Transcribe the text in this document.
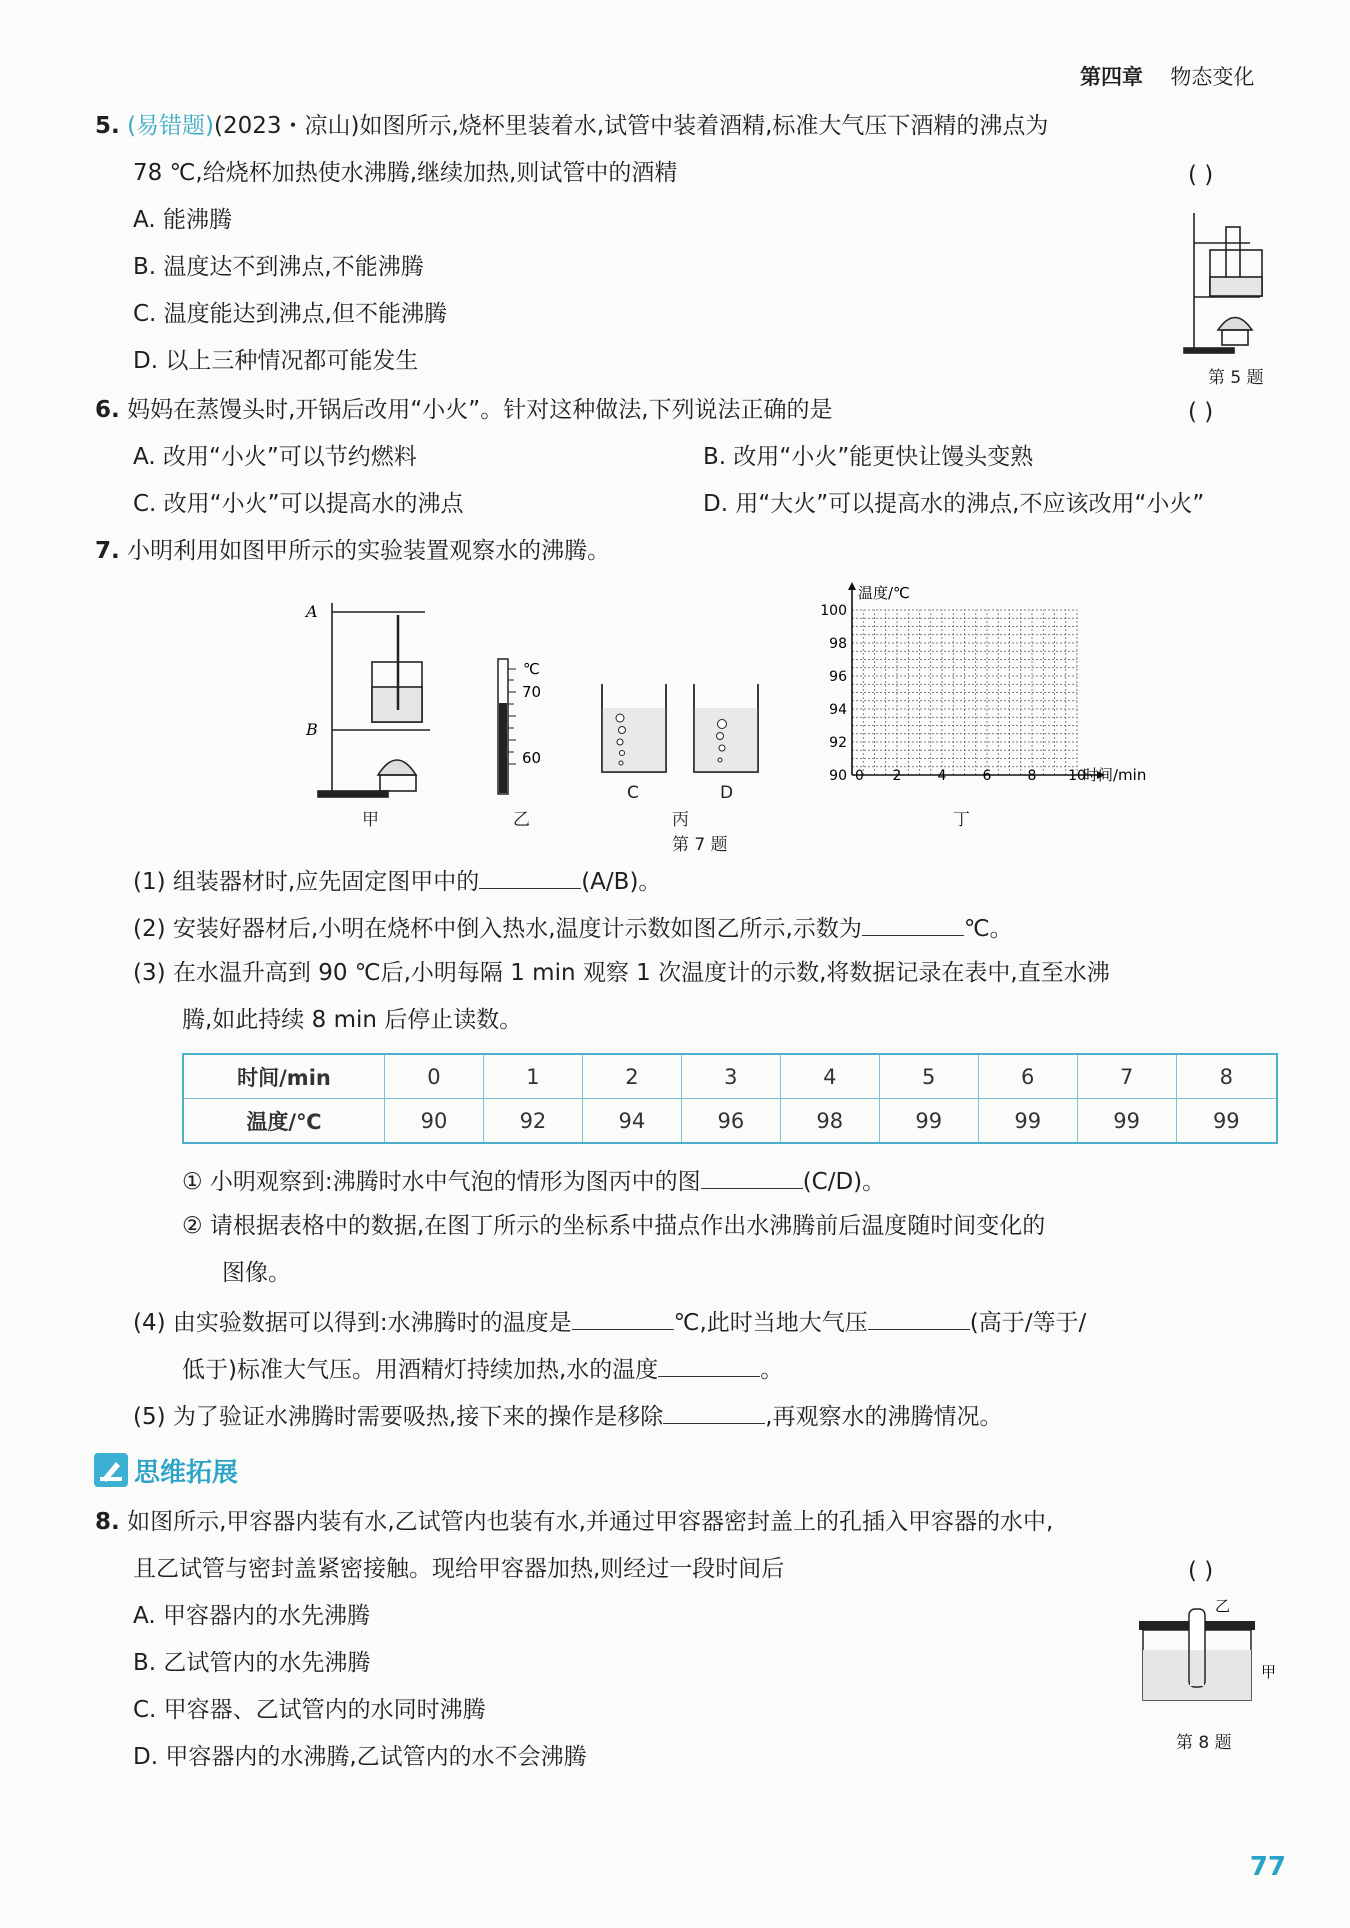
第四章 物态变化
5. (易错题)(2023・凉山)如图所示,烧杯里装着水,试管中装着酒精,标准大气压下酒精的沸点为
78 ℃,给烧杯加热使水沸腾,继续加热,则试管中的酒精	( )
A. 能沸腾
B. 温度达不到沸点,不能沸腾
C. 温度能达到沸点,但不能沸腾
D. 以上三种情况都可能发生
第 5 题
6. 妈妈在蒸馒头时,开锅后改用“小火”。针对这种做法,下列说法正确的是	( )
A. 改用“小火”可以节约燃料	B. 改用“小火”能更快让馒头变熟
C. 改用“小火”可以提高水的沸点	D. 用“大火”可以提高水的沸点,不应该改用“小火”
7. 小明利用如图甲所示的实验装置观察水的沸腾。
A
B
甲
℃
70
60
乙
C	D
丙
90
92
94
96
98
100
0 2	4	6	8 10
温度/℃
时间/min
丁
第 7 题
(1) 组装器材时,应先固定图甲中的	(A/B)。
(2) 安装好器材后,小明在烧杯中倒入热水,温度计示数如图乙所示,示数为	℃。
(3) 在水温升高到 90 ℃后,小明每隔 1 min 观察 1 次温度计的示数,将数据记录在表中,直至水沸
腾,如此持续 8 min 后停止读数。
时间/min	0	1	2	3	4	5	6	7	8
温度/℃	90	92	94	96	98	99	99	99	99
① 小明观察到:沸腾时水中气泡的情形为图丙中的图	(C/D)。
② 请根据表格中的数据,在图丁所示的坐标系中描点作出水沸腾前后温度随时间变化的
图像。
(4) 由实验数据可以得到:水沸腾时的温度是	℃,此时当地大气压	(高于/等于/
低于)标准大气压。用酒精灯持续加热,水的温度	。
(5) 为了验证水沸腾时需要吸热,接下来的操作是移除	,再观察水的沸腾情况。
思维拓展
8. 如图所示,甲容器内装有水,乙试管内也装有水,并通过甲容器密封盖上的孔插入甲容器的水中,
且乙试管与密封盖紧密接触。现给甲容器加热,则经过一段时间后	( )
A. 甲容器内的水先沸腾
B. 乙试管内的水先沸腾
C. 甲容器、乙试管内的水同时沸腾
D. 甲容器内的水沸腾,乙试管内的水不会沸腾
乙
甲
第 8 题
77
